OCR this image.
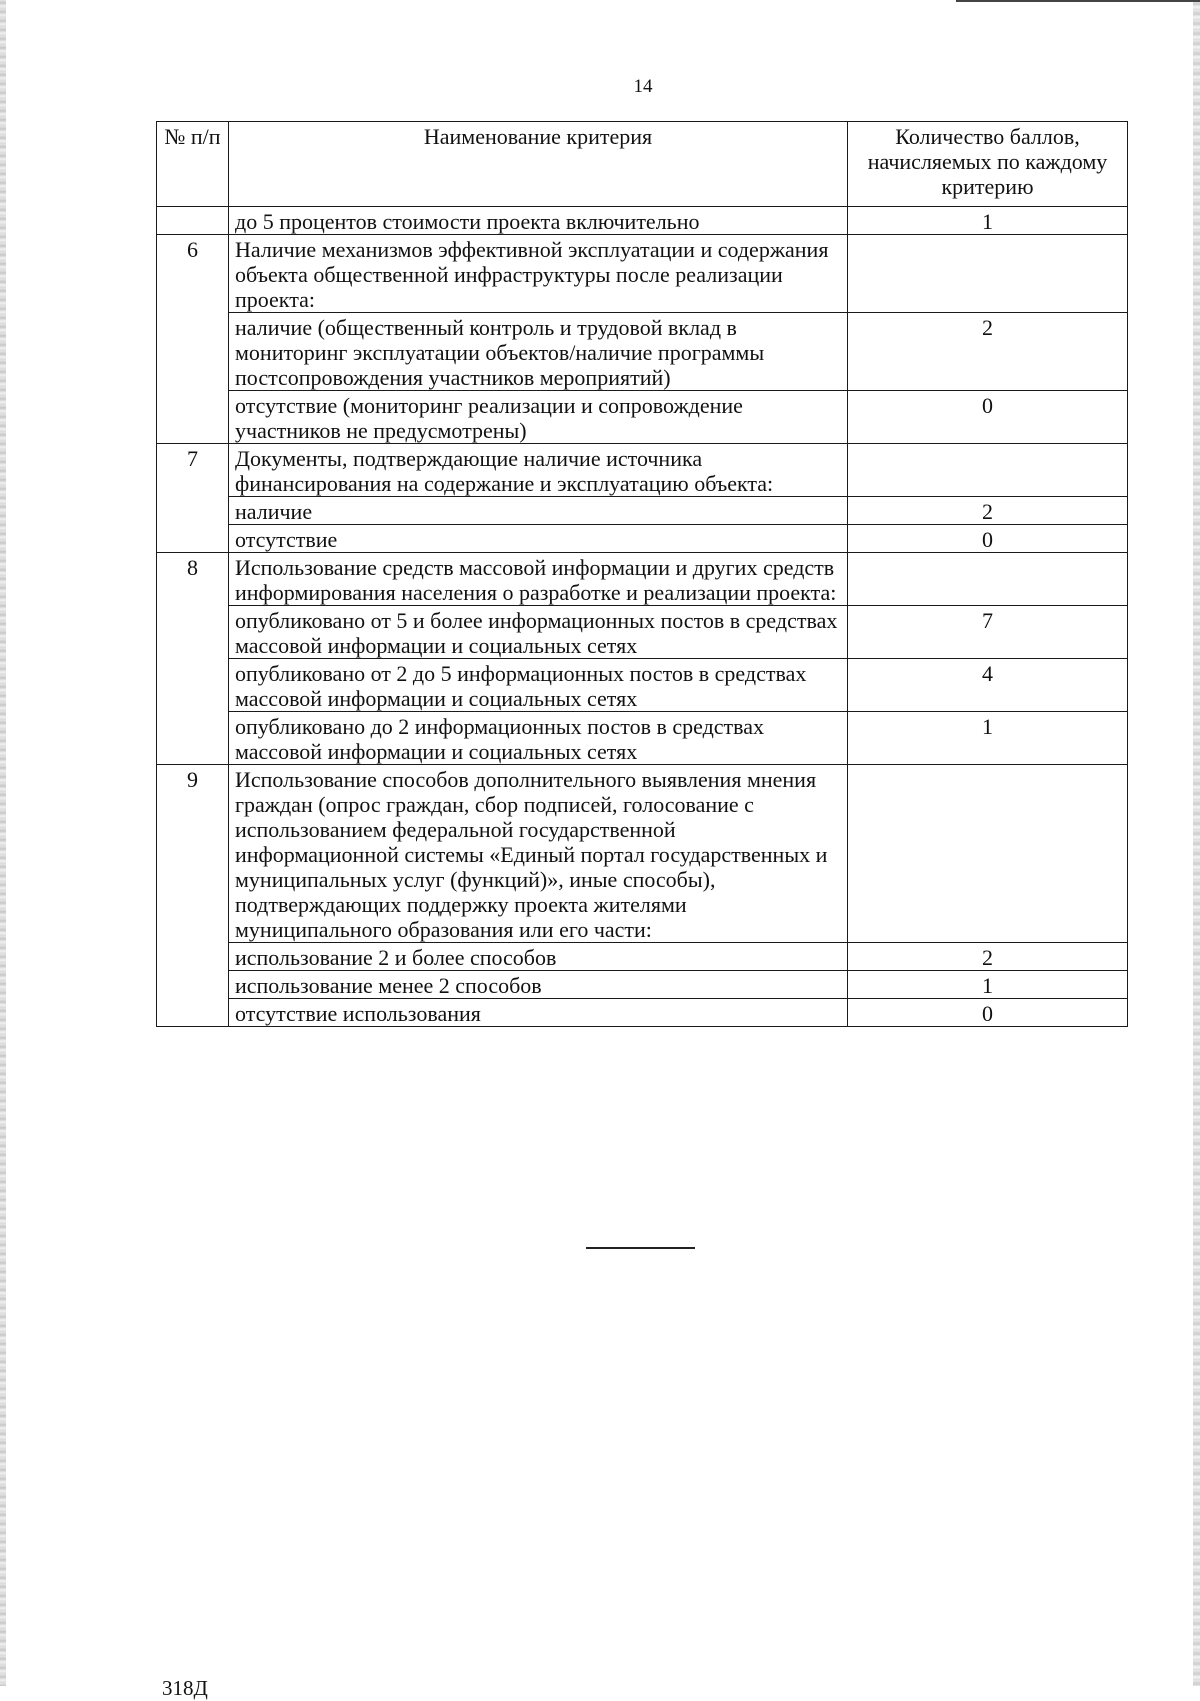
14
№ п/п	Наименование критерия	Количество баллов, начисляемых по каждому критерию
	до 5 процентов стоимости проекта включительно	1
6	Наличие механизмов эффективной эксплуатации и содержания объекта общественной инфраструктуры после реализации проекта:	
	наличие (общественный контроль и трудовой вклад в мониторинг эксплуатации объектов/наличие программы постсопровождения участников мероприятий)	2
	отсутствие (мониторинг реализации и сопровождение участников не предусмотрены)	0
7	Документы, подтверждающие наличие источника финансирования на содержание и эксплуатацию объекта:	
	наличие	2
	отсутствие	0
8	Использование средств массовой информации и других средств информирования населения о разработке и реализации проекта:	
	опубликовано от 5 и более информационных постов в средствах массовой информации и социальных сетях	7
	опубликовано от 2 до 5 информационных постов в средствах массовой информации и социальных сетях	4
	опубликовано до 2 информационных постов в средствах массовой информации и социальных сетях	1
9	Использование способов дополнительного выявления мнения граждан (опрос граждан, сбор подписей, голосование с использованием федеральной государственной информационной системы «Единый портал государственных и муниципальных услуг (функций)», иные способы), подтверждающих поддержку проекта жителями муниципального образования или его части:	
	использование 2 и более способов	2
	использование менее 2 способов	1
	отсутствие использования	0
318Д
